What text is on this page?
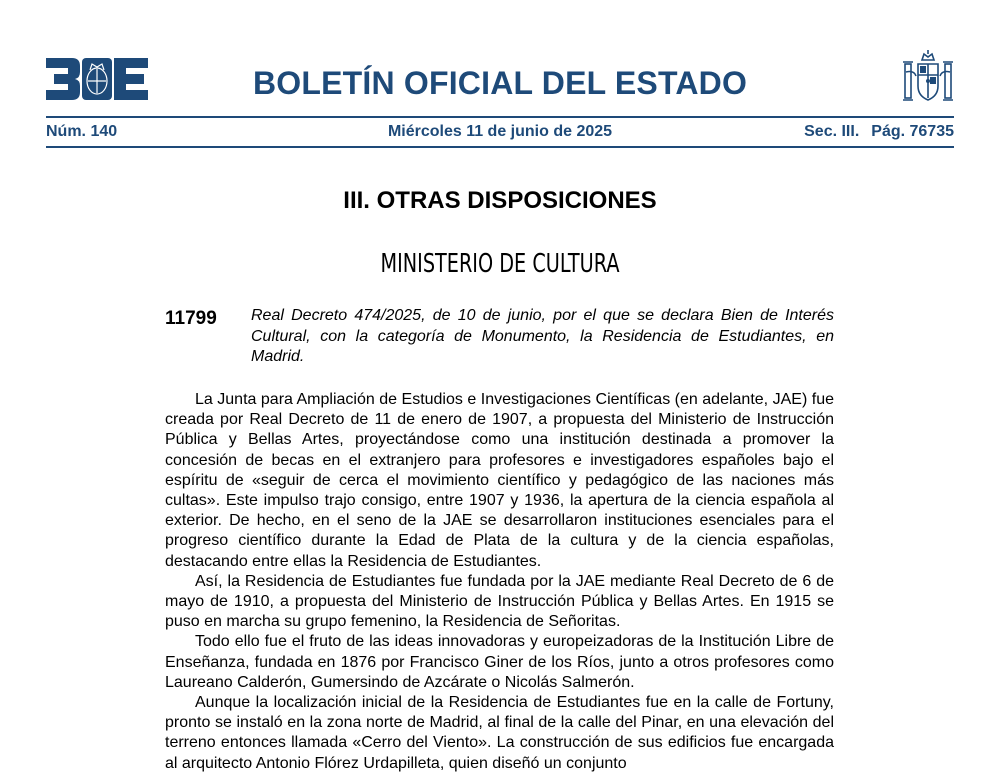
BOLETÍN OFICIAL DEL ESTADO
Núm. 140	Miércoles 11 de junio de 2025	Sec. III. Pág. 76735
III. OTRAS DISPOSICIONES
MINISTERIO DE CULTURA
11799 Real Decreto 474/2025, de 10 de junio, por el que se declara Bien de Interés Cultural, con la categoría de Monumento, la Residencia de Estudiantes, en Madrid.

La Junta para Ampliación de Estudios e Investigaciones Científicas (en adelante, JAE) fue creada por Real Decreto de 11 de enero de 1907, a propuesta del Ministerio de Instrucción Pública y Bellas Artes, proyectándose como una institución destinada a promover la concesión de becas en el extranjero para profesores e investigadores españoles bajo el espíritu de «seguir de cerca el movimiento científico y pedagógico de las naciones más cultas». Este impulso trajo consigo, entre 1907 y 1936, la apertura de la ciencia española al exterior. De hecho, en el seno de la JAE se desarrollaron instituciones esenciales para el progreso científico durante la Edad de Plata de la cultura y de la ciencia españolas, destacando entre ellas la Residencia de Estudiantes.

Así, la Residencia de Estudiantes fue fundada por la JAE mediante Real Decreto de 6 de mayo de 1910, a propuesta del Ministerio de Instrucción Pública y Bellas Artes. En 1915 se puso en marcha su grupo femenino, la Residencia de Señoritas.

Todo ello fue el fruto de las ideas innovadoras y europeizadoras de la Institución Libre de Enseñanza, fundada en 1876 por Francisco Giner de los Ríos, junto a otros profesores como Laureano Calderón, Gumersindo de Azcárate o Nicolás Salmerón.

Aunque la localización inicial de la Residencia de Estudiantes fue en la calle de Fortuny, pronto se instaló en la zona norte de Madrid, al final de la calle del Pinar, en una elevación del terreno entonces llamada «Cerro del Viento». La construcción de sus edificios fue encargada al arquitecto Antonio Flórez Urdapilleta, quien diseñó un conjunto
